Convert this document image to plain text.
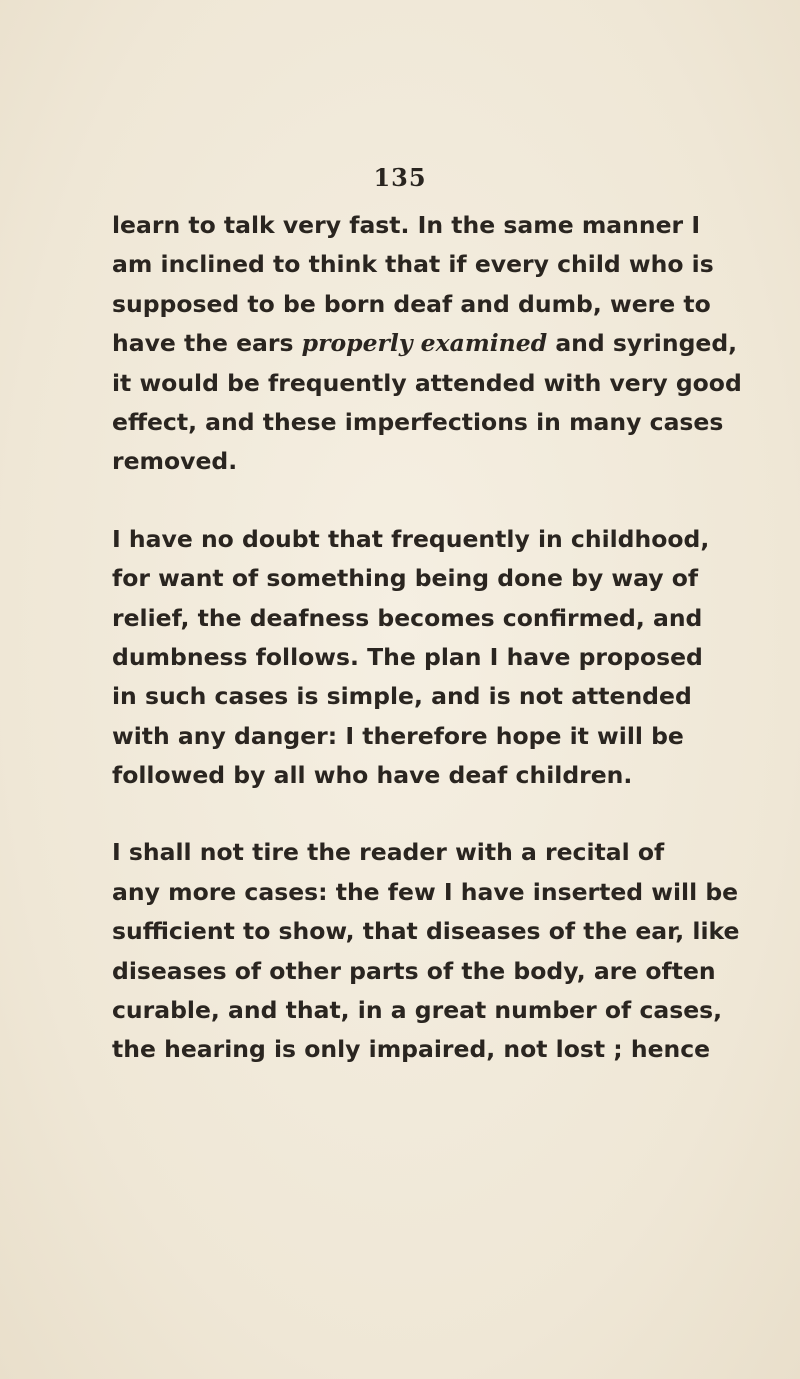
135
learn to talk very fast. In the same manner I
am inclined to think that if every child who is
supposed to be born deaf and dumb, were to
have the ears properly examined and syringed,
it would be frequently attended with very good
effect, and these imperfections in many cases
removed.
I have no doubt that frequently in childhood,
for want of something being done by way of
relief, the deafness becomes confirmed, and
dumbness follows. The plan I have proposed
in such cases is simple, and is not attended
with any danger: I therefore hope it will be
followed by all who have deaf children.
I shall not tire the reader with a recital of
any more cases: the few I have inserted will be
sufficient to show, that diseases of the ear, like
diseases of other parts of the body, are often
curable, and that, in a great number of cases,
the hearing is only impaired, not lost ; hence
